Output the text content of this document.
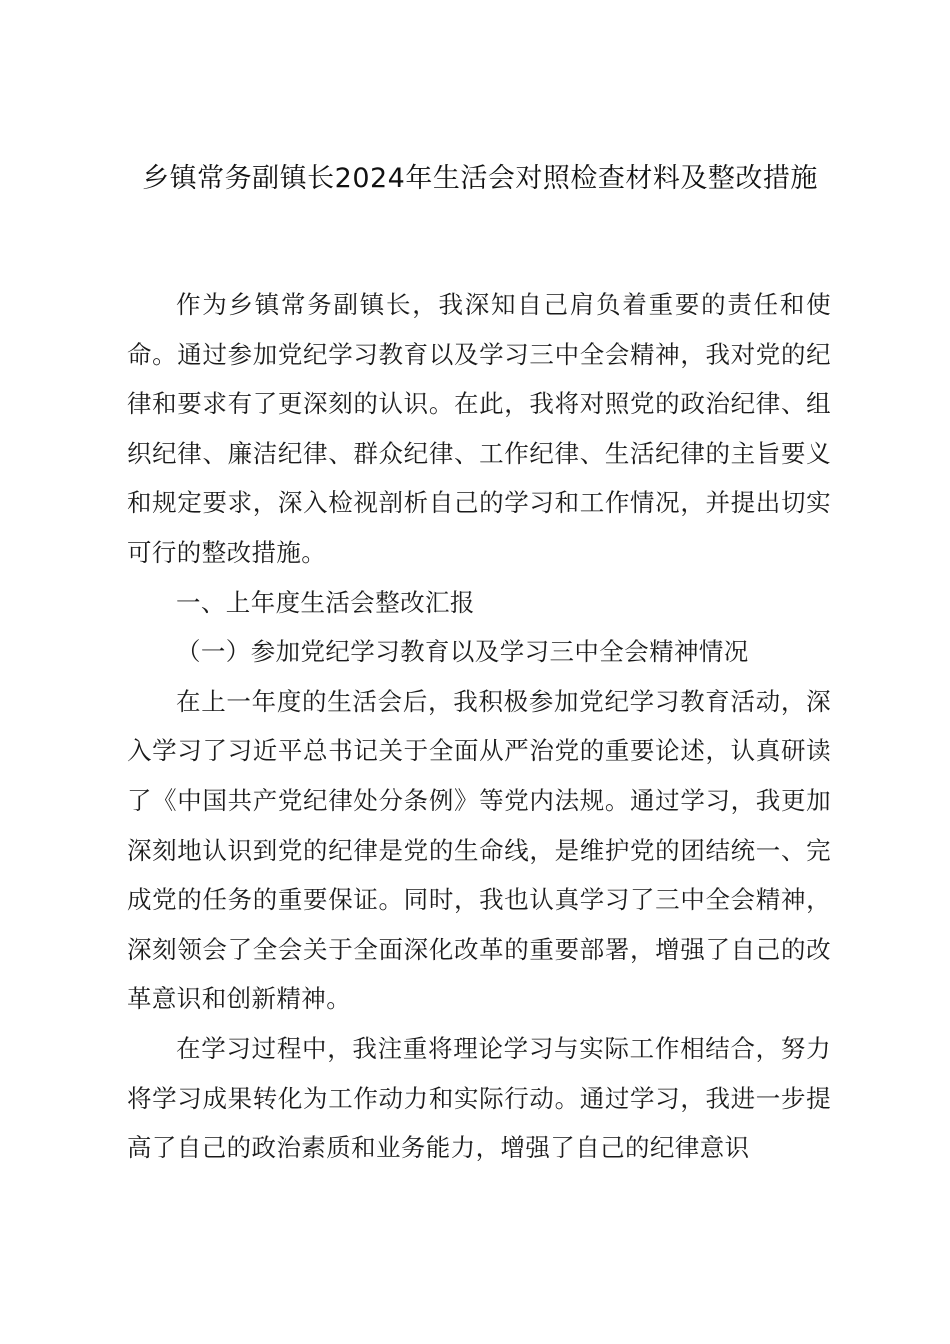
乡镇常务副镇长2024年生活会对照检查材料及整改措施

作为乡镇常务副镇长，我深知自己肩负着重要的责任和使命。通过参加党纪学习教育以及学习三中全会精神，我对党的纪律和要求有了更深刻的认识。在此，我将对照党的政治纪律、组织纪律、廉洁纪律、群众纪律、工作纪律、生活纪律的主旨要义和规定要求，深入检视剖析自己的学习和工作情况，并提出切实可行的整改措施。

一、上年度生活会整改汇报

（一）参加党纪学习教育以及学习三中全会精神情况

在上一年度的生活会后，我积极参加党纪学习教育活动，深入学习了习近平总书记关于全面从严治党的重要论述，认真研读了《中国共产党纪律处分条例》等党内法规。通过学习，我更加深刻地认识到党的纪律是党的生命线，是维护党的团结统一、完成党的任务的重要保证。同时，我也认真学习了三中全会精神，深刻领会了全会关于全面深化改革的重要部署，增强了自己的改革意识和创新精神。

在学习过程中，我注重将理论学习与实际工作相结合，努力将学习成果转化为工作动力和实际行动。通过学习，我进一步提高了自己的政治素质和业务能力，增强了自己的纪律意识
